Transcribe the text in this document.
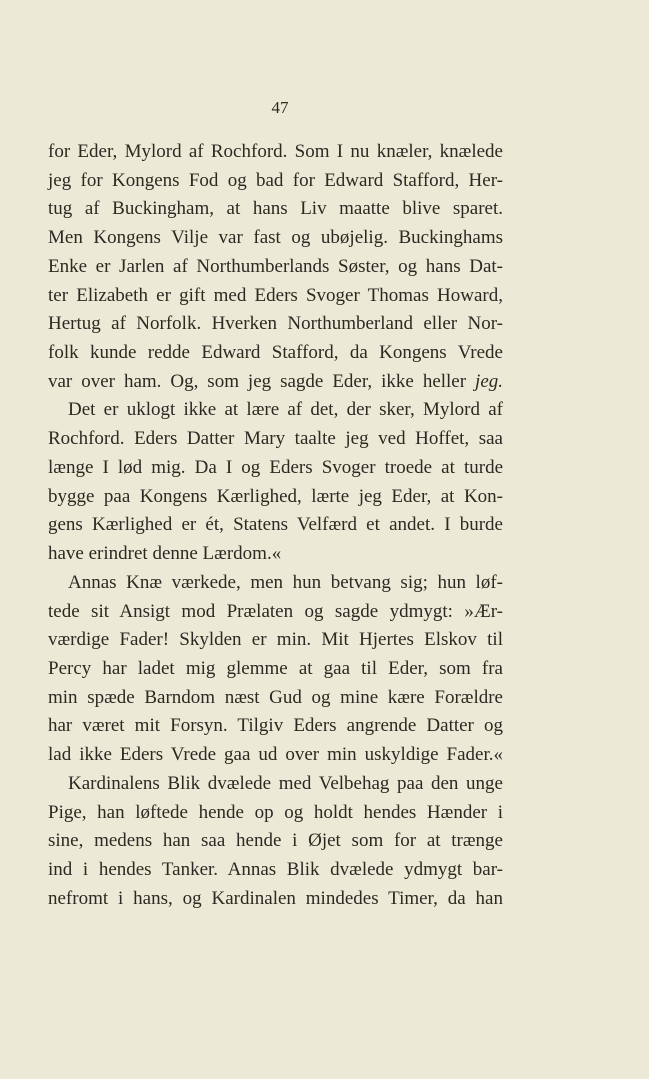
47
for Eder, Mylord af Rochford. Som I nu knæler, knælede
jeg for Kongens Fod og bad for Edward Stafford, Her-
tug af Buckingham, at hans Liv maatte blive sparet.
Men Kongens Vilje var fast og ubøjelig. Buckinghams
Enke er Jarlen af Northumberlands Søster, og hans Dat-
ter Elizabeth er gift med Eders Svoger Thomas Howard,
Hertug af Norfolk. Hverken Northumberland eller Nor-
folk kunde redde Edward Stafford, da Kongens Vrede
var over ham. Og, som jeg sagde Eder, ikke heller jeg.
Det er uklogt ikke at lære af det, der sker, Mylord af
Rochford. Eders Datter Mary taalte jeg ved Hoffet, saa
længe I lød mig. Da I og Eders Svoger troede at turde
bygge paa Kongens Kærlighed, lærte jeg Eder, at Kon-
gens Kærlighed er ét, Statens Velfærd et andet. I burde
have erindret denne Lærdom.«
Annas Knæ værkede, men hun betvang sig; hun løf-
tede sit Ansigt mod Prælaten og sagde ydmygt: »Ær-
værdige Fader! Skylden er min. Mit Hjertes Elskov til
Percy har ladet mig glemme at gaa til Eder, som fra
min spæde Barndom næst Gud og mine kære Forældre
har været mit Forsyn. Tilgiv Eders angrende Datter og
lad ikke Eders Vrede gaa ud over min uskyldige Fader.«
Kardinalens Blik dvælede med Velbehag paa den unge
Pige, han løftede hende op og holdt hendes Hænder i
sine, medens han saa hende i Øjet som for at trænge
ind i hendes Tanker. Annas Blik dvælede ydmygt bar-
nefromt i hans, og Kardinalen mindedes Timer, da han
